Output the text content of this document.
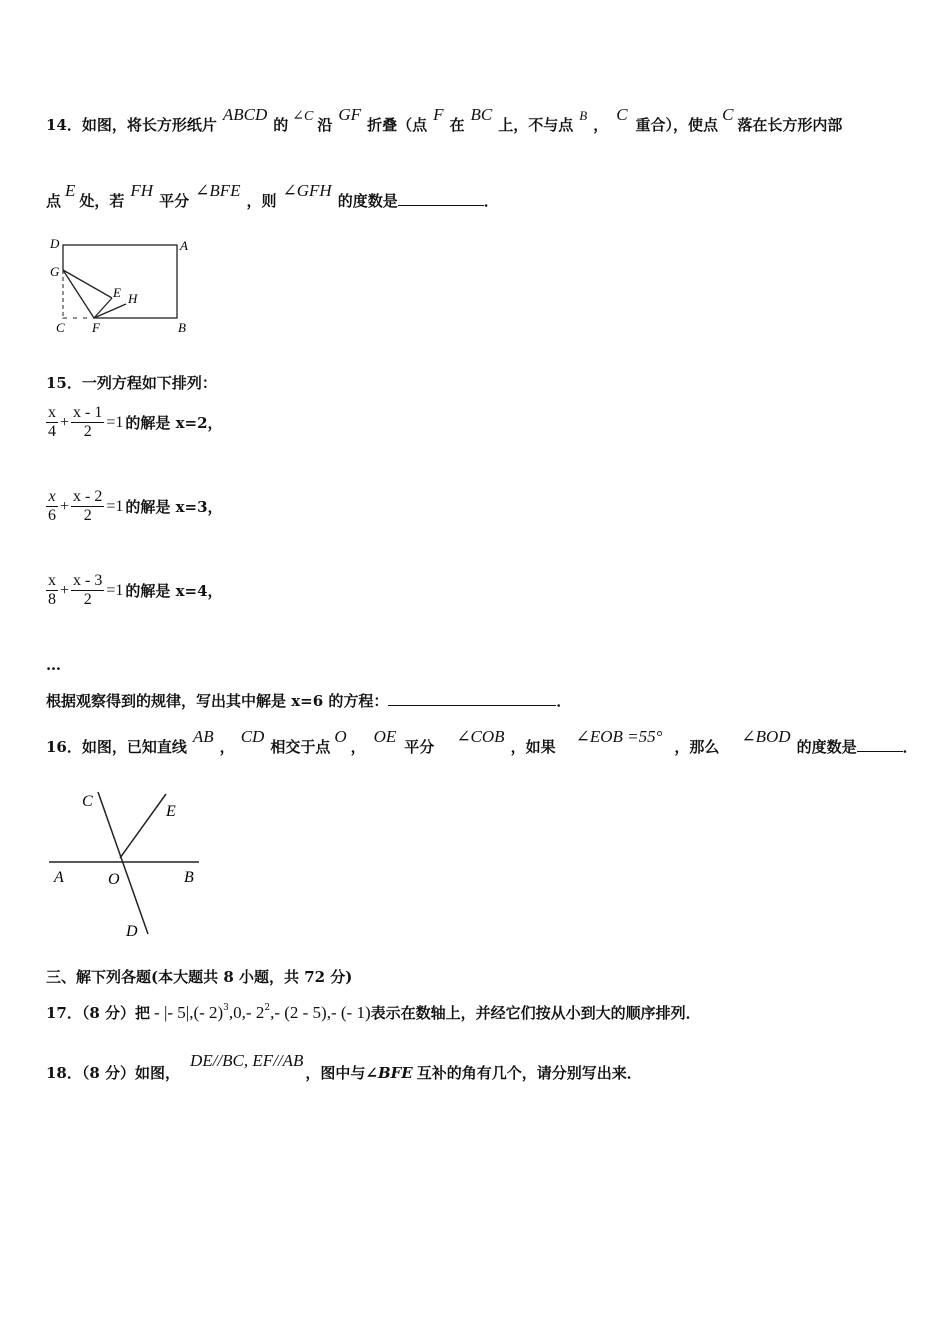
14．如图，将长方形纸片ABCD的 ∠C 沿GF折叠（点F在BC上，不与点B，C重合），使点C落在长方形内部
点E处，若FH平分∠BFE，则∠GFH的度数是	．
D	A
G
E H
C F	B
15．一列方程如下排列：
$\frac{x}{4} + \frac{x - 1}{2} =1$ 的解是 x=2，
$\frac{x}{6} + \frac{x - 2}{2} =1$ 的解是 x=3，
$\frac{x}{8} + \frac{x - 3}{2} =1$ 的解是 x=4，
…
根据观察得到的规律，写出其中解是 x=6 的方程：	．
16．如图，已知直线AB，CD相交于点O，OE平分∠COB，如果∠EOB =55°，那么∠BOD的度数是	．
C
E
A	O	B
D
三、解下列各题(本大题共 8 小题，共 72 分)
17．（8 分）把 - |- 5|,(- 2)$^3$,0,- $2^2,-$ (2 - 5),- (- 1)表示在数轴上，并经它们按从小到大的顺序排列．
18．（8 分）如图，DE//BC, EF//AB，图中与∠BFE 互补的角有几个，请分别写出来．
